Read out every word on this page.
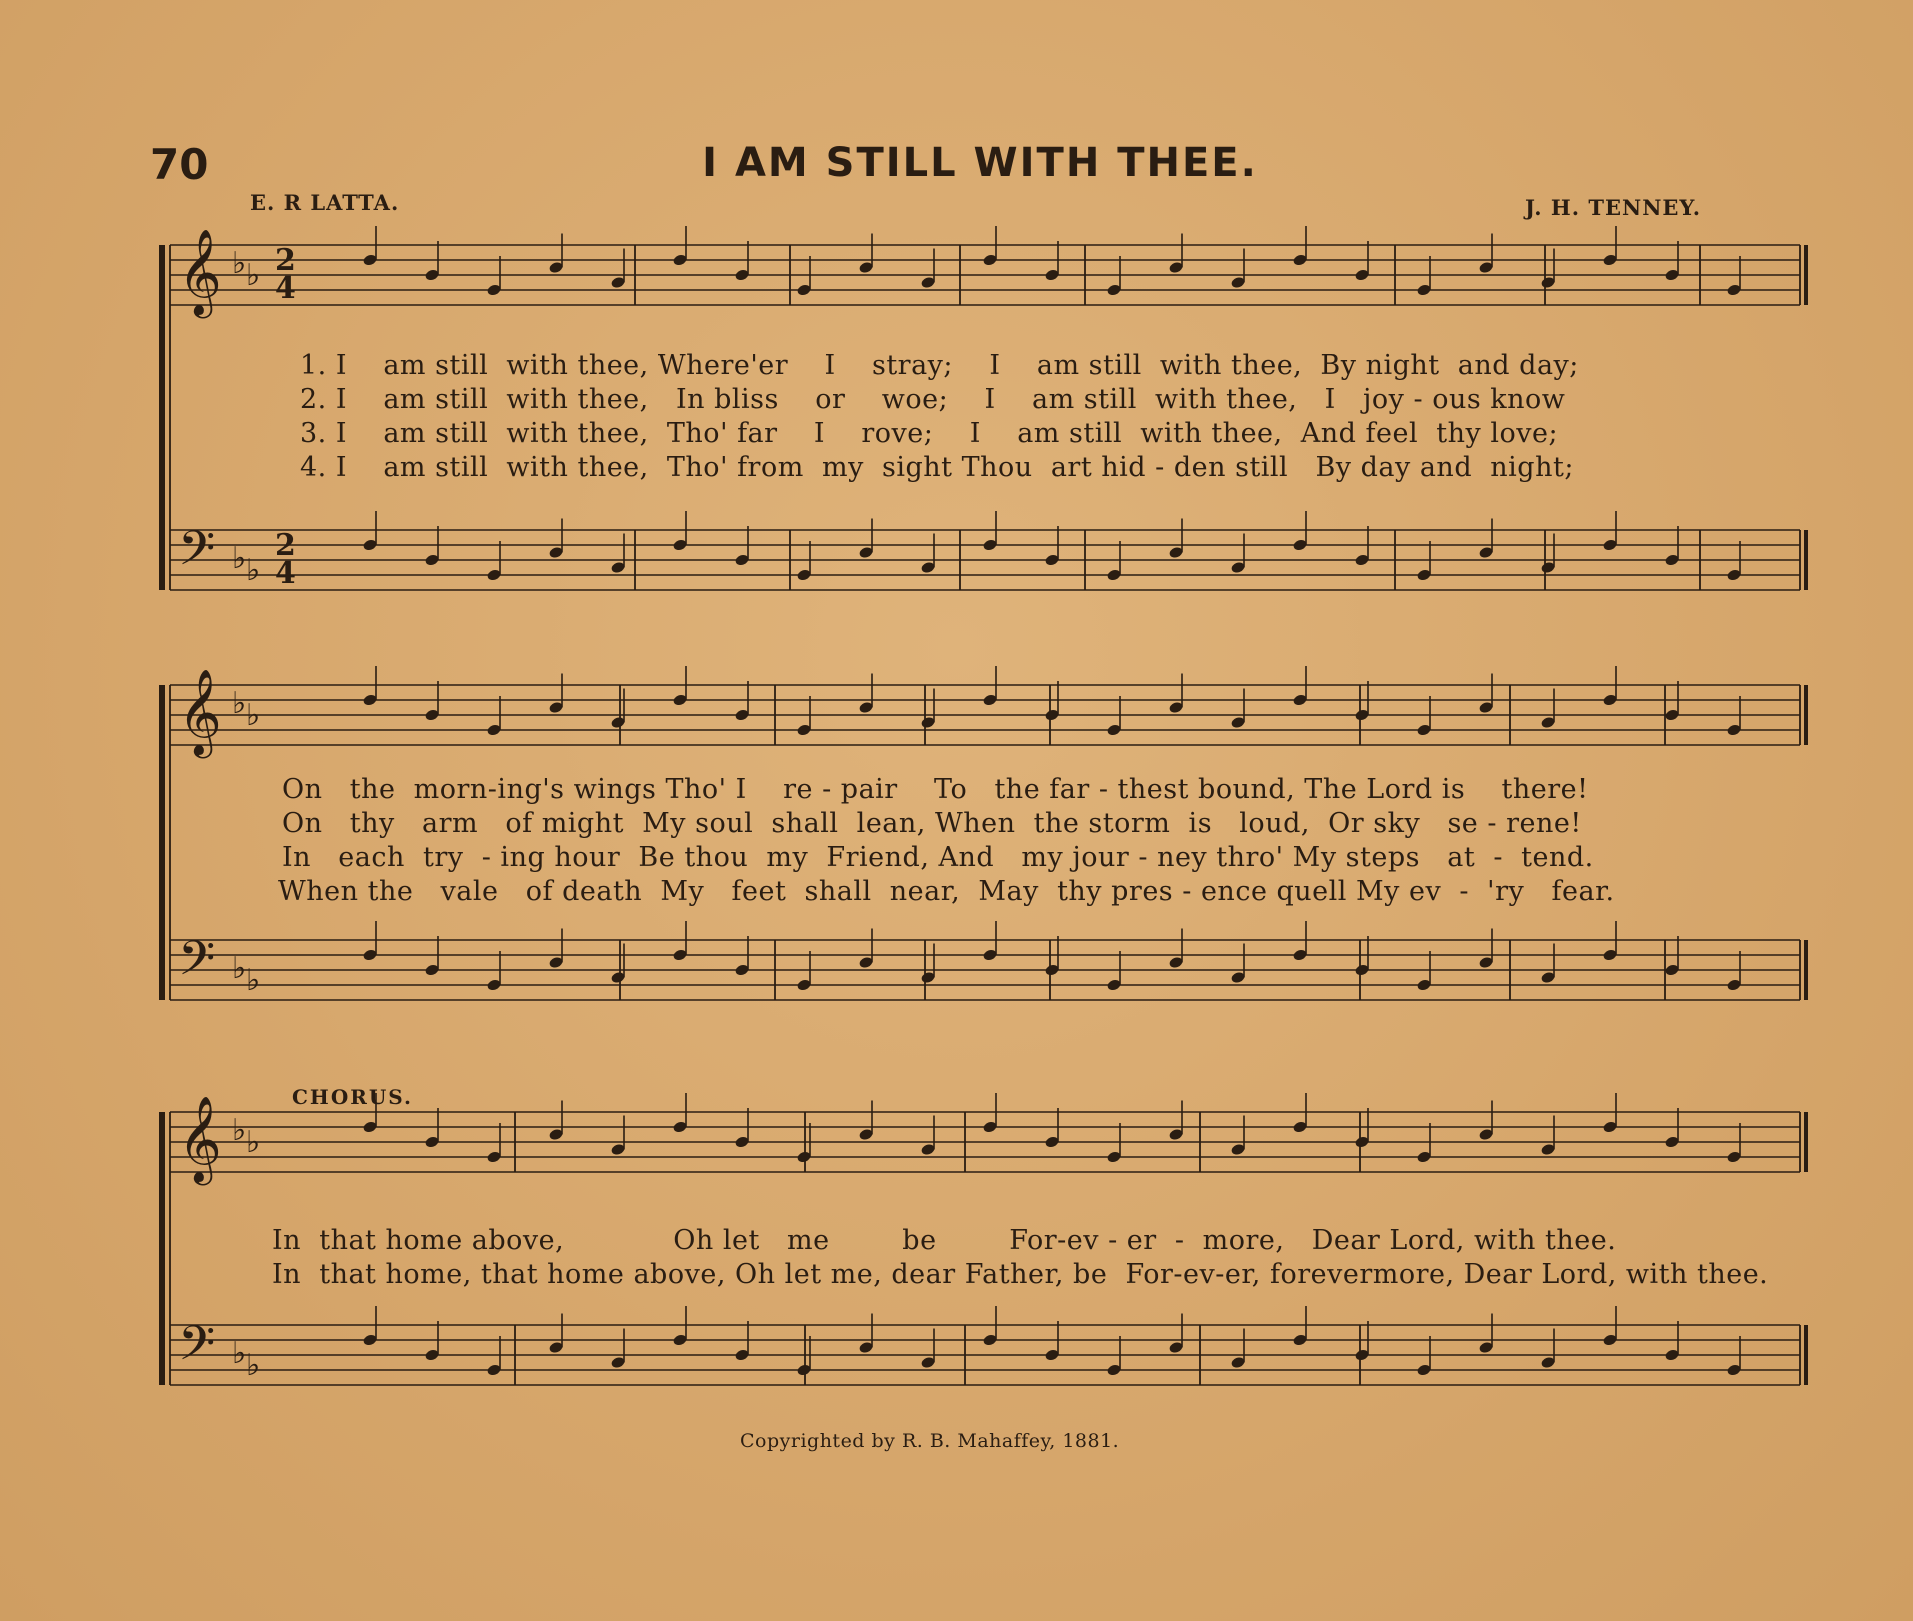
70	I AM STILL WITH THEE.
E. R LATTA.	J. H. TENNEY.
𝄞
𝄢
♭
♭
♭
♭
𝄞
𝄢
♭
♭
♭
♭
𝄞
𝄢
♭
♭
♭
♭
2
2
4
4
1. I    am still  with thee, Where'er    I    stray;    I    am still  with thee,  By night  and day;
2. I    am still  with thee,   In bliss    or    woe;    I    am still  with thee,   I   joy - ous know
3. I    am still  with thee,  Tho' far    I    rove;    I    am still  with thee,  And feel  thy love;
4. I    am still  with thee,  Tho' from  my  sight Thou  art hid - den still   By day and  night;
On   the  morn-ing's wings Tho' I    re - pair    To   the far - thest bound, The Lord is    there!
On   thy   arm   of might  My soul  shall  lean, When  the storm  is   loud,  Or sky   se - rene!
In   each  try  - ing hour  Be thou  my  Friend, And   my jour - ney thro' My steps   at  -  tend.
When the   vale   of death  My   feet  shall  near,  May  thy pres - ence quell My ev  -  'ry   fear.
CHORUS.
In  that home above,            Oh let   me        be        For-ev - er  -  more,   Dear Lord, with thee.
In  that home, that home above, Oh let me, dear Father, be  For-ev-er, forevermore, Dear Lord, with thee.
Copyrighted by R. B. Mahaffey, 1881.
